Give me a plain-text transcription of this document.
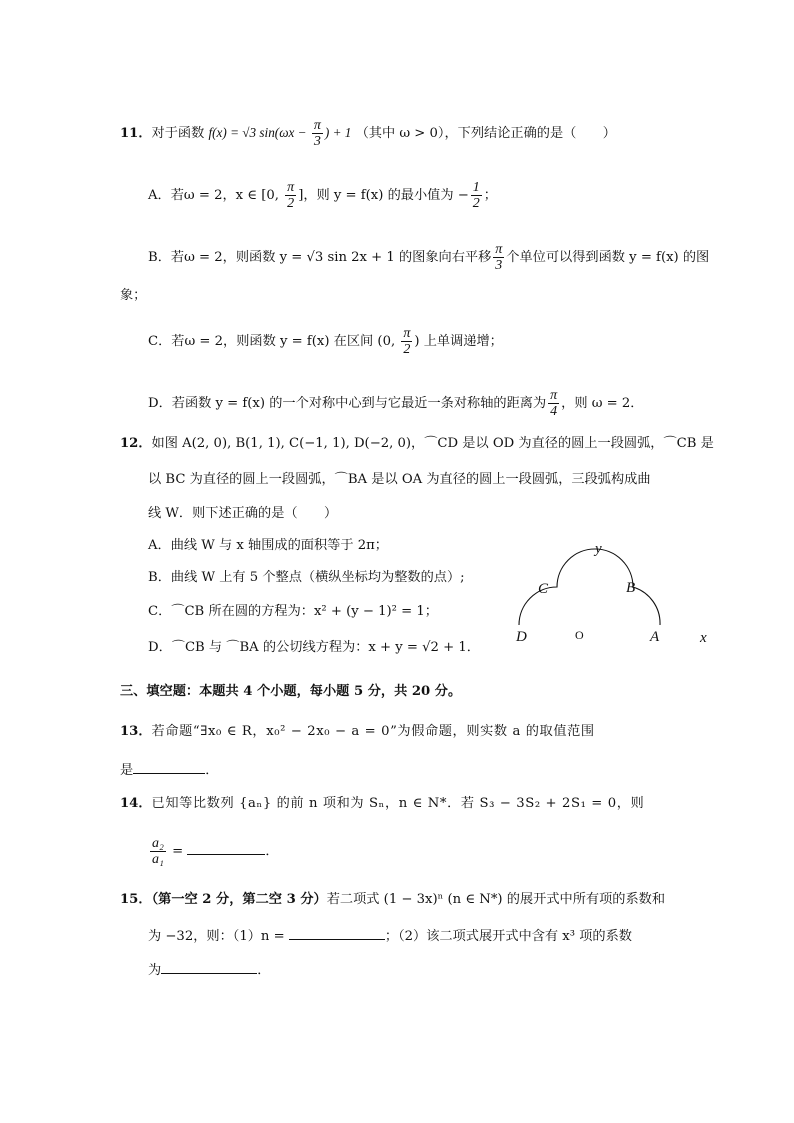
11．对于函数 f(x) = √3 $\sin(\omega x - \frac{\pi}{3}$ ) + 1 （其中 ω > 0），下列结论正确的是（　　）
A．若ω = 2，x ∈ [0, $\frac{\pi}{2}$ ]，则 y = f(x) 的最小值为 − $\frac{1}{2}$ ；
B．若ω = 2，则函数 y = √3 sin 2x + 1 的图象向右平移 $\frac{\pi}{3}$ 个单位可以得到函数 y = f(x) 的图
象；
C．若ω = 2，则函数 y = f(x) 在区间 (0, $\frac{\pi}{2}$ ) 上单调递增；
D．若函数 y = f(x) 的一个对称中心到与它最近一条对称轴的距离为 $\frac{\pi}{4}$ ，则 ω = 2．
12．如图 A(2, 0), B(1, 1), C(−1, 1), D(−2, 0)，⌒CD 是以 OD 为直径的圆上一段圆弧，⌒CB 是
以 BC 为直径的圆上一段圆弧，⌒BA 是以 OA 为直径的圆上一段圆弧，三段弧构成曲
线 W．则下述正确的是（　　）
A．曲线 W 与 x 轴围成的面积等于 2π；
B．曲线 W 上有 5 个整点（横纵坐标均为整数的点）;
C．⌒CB 所在圆的方程为：x² + (y − 1)² = 1；
D．⌒CB 与 ⌒BA 的公切线方程为：x + y = √2 + 1．
y
C	B
D	O	A	x
三、填空题：本题共 4 个小题，每小题 5 分，共 20 分。
13．若命题“∃x₀ ∈ R，x₀² − 2x₀ − a = 0”为假命题，则实数 a 的取值范围
是	．
14．已知等比数列 {aₙ} 的前 n 项和为 Sₙ，n ∈ N*．若 S₃ − 3S₂ + 2S₁ = 0，则
$\frac{\text{a₂}}{\text{a₁}}$ =	．
15．（第一空 2 分，第二空 3 分）若二项式 (1 − 3x)ⁿ (n ∈ N*) 的展开式中所有项的系数和
为 −32，则：（1）n =	；（2）该二项式展开式中含有 x³ 项的系数
为	．
